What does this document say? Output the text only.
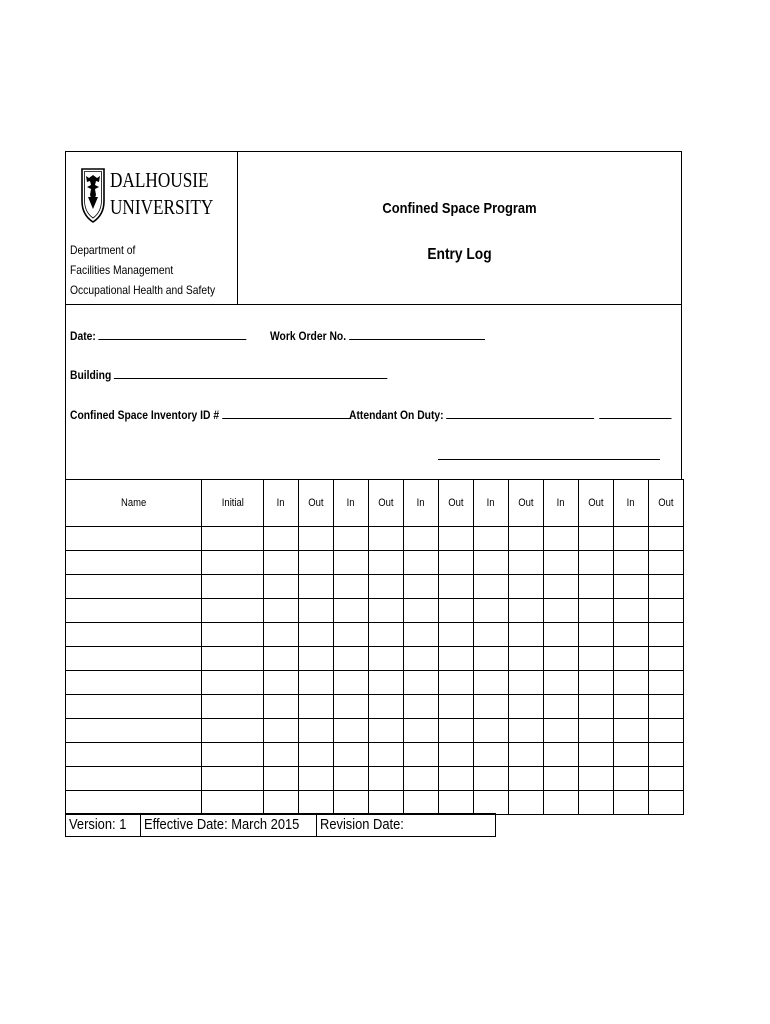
DALHOUSIE
UNIVERSITY
Department of
Facilities Management
Occupational Health and Safety
Confined Space Program
Entry Log
Date:	Work Order No.
Building
Confined Space Inventory ID #	Attendant On Duty:
Name	Initial	In	Out	In	Out	In	Out	In	Out	In	Out	In	Out

Version: 1	Effective Date: March 2015	Revision Date:
